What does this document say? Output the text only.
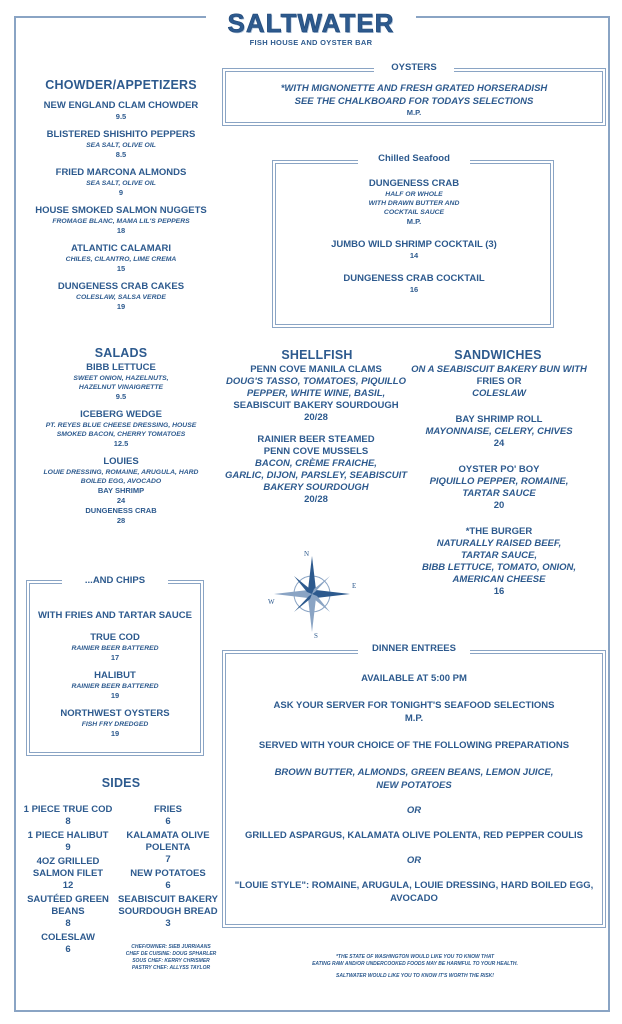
SALTWATER
FISH HOUSE AND OYSTER BAR
CHOWDER/APPETIZERS
NEW ENGLAND CLAM CHOWDER
9.5
BLISTERED SHISHITO PEPPERS
SEA SALT, OLIVE OIL
8.5
FRIED MARCONA ALMONDS
SEA SALT, OLIVE OIL
9
HOUSE SMOKED SALMON NUGGETS
FROMAGE BLANC, MAMA LIL'S PEPPERS
18
ATLANTIC CALAMARI
CHILES, CILANTRO, LIME CREMA
15
DUNGENESS CRAB CAKES
COLESLAW, SALSA VERDE
19
SALADS
BIBB LETTUCE
SWEET ONION, HAZELNUTS,
HAZELNUT VINAIGRETTE
9.5
ICEBERG WEDGE
PT. REYES BLUE CHEESE DRESSING, HOUSE
SMOKED BACON, CHERRY TOMATOES
12.5
LOUIES
LOUIE DRESSING, ROMAINE, ARUGULA, HARD
BOILED EGG, AVOCADO
BAY SHRIMP
24
DUNGENESS CRAB
28
...AND CHIPS
WITH FRIES AND TARTAR SAUCE
TRUE COD
RAINIER BEER BATTERED
17
HALIBUT
RAINIER BEER BATTERED
19
NORTHWEST OYSTERS
FISH FRY DREDGED
19
SIDES
1 PIECE TRUE COD
8
1 PIECE HALIBUT
9
4OZ GRILLED
SALMON FILET
12
SAUTÉED GREEN
BEANS
8
COLESLAW
6
FRIES
6
KALAMATA OLIVE
POLENTA
7
NEW POTATOES
6
SEABISCUIT BAKERY
SOURDOUGH BREAD
3
CHEF/OWNER: SIEB JURRIAANS
CHEF DE CUISINE: DOUG SPHARLER
SOUS CHEF: KERRY CHRISMER
PASTRY CHEF: ALLYSS TAYLOR
OYSTERS
*WITH MIGNONETTE AND FRESH GRATED HORSERADISH
SEE THE CHALKBOARD FOR TODAYS SELECTIONS
M.P.
Chilled Seafood
DUNGENESS CRAB
HALF OR WHOLE
WITH DRAWN BUTTER AND
COCKTAIL SAUCE
M.P.
JUMBO WILD SHRIMP COCKTAIL (3)
14
DUNGENESS CRAB COCKTAIL
16
SHELLFISH
PENN COVE MANILA CLAMS
DOUG'S TASSO, TOMATOES, PIQUILLO
PEPPER, WHITE WINE, BASIL,
SEABISCUIT BAKERY SOURDOUGH
20/28
RAINIER BEER STEAMED
PENN COVE MUSSELS
BACON, CRÈME FRAICHE,
GARLIC, DIJON, PARSLEY, SEABISCUIT
BAKERY SOURDOUGH
20/28
SANDWICHES
ON A SEABISCUIT BAKERY BUN WITH
FRIES OR
COLESLAW
BAY SHRIMP ROLL
MAYONNAISE, CELERY, CHIVES
24
OYSTER PO' BOY
PIQUILLO PEPPER, ROMAINE,
TARTAR SAUCE
20
*THE BURGER
NATURALLY RAISED BEEF,
TARTAR SAUCE,
BIBB LETTUCE, TOMATO, ONION,
AMERICAN CHEESE
16
N
E
S
W
DINNER ENTREES
AVAILABLE AT 5:00 PM
ASK YOUR SERVER FOR TONIGHT'S SEAFOOD SELECTIONS
M.P.
SERVED WITH YOUR CHOICE OF THE FOLLOWING PREPARATIONS
BROWN BUTTER, ALMONDS, GREEN BEANS, LEMON JUICE,
NEW POTATOES
OR
GRILLED ASPARGUS, KALAMATA OLIVE POLENTA, RED PEPPER COULIS
OR
"LOUIE STYLE": ROMAINE, ARUGULA, LOUIE DRESSING, HARD BOILED EGG,
AVOCADO
*THE STATE OF WASHINGTON WOULD LIKE YOU TO KNOW THAT
EATING RAW AND/OR UNDERCOOKED FOODS MAY BE HARMFUL TO YOUR HEALTH.
SALTWATER WOULD LIKE YOU TO KNOW IT'S WORTH THE RISK!
